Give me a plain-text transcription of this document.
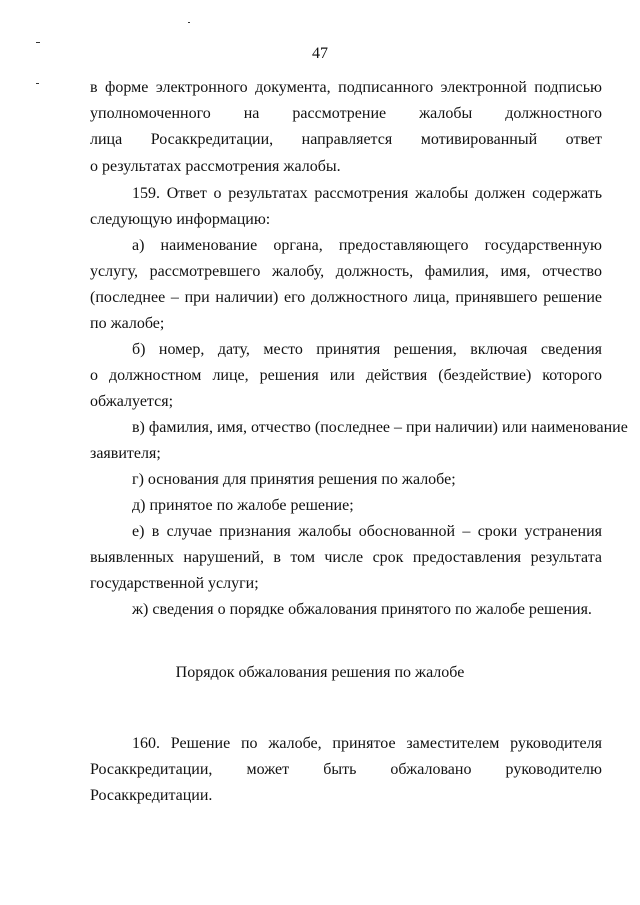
47
в форме электронного документа, подписанного электронной подписью
уполномоченного на рассмотрение жалобы должностного
лица Росаккредитации, направляется мотивированный ответ
о результатах рассмотрения жалобы.
159. Ответ о результатах рассмотрения жалобы должен содержать
следующую информацию:
а) наименование органа, предоставляющего государственную
услугу, рассмотревшего жалобу, должность, фамилия, имя, отчество
(последнее – при наличии) его должностного лица, принявшего решение
по жалобе;
б) номер, дату, место принятия решения, включая сведения
о должностном лице, решения или действия (бездействие) которого
обжалуется;
в) фамилия, имя, отчество (последнее – при наличии) или наименование
заявителя;
г) основания для принятия решения по жалобе;
д) принятое по жалобе решение;
е) в случае признания жалобы обоснованной – сроки устранения
выявленных нарушений, в том числе срок предоставления результата
государственной услуги;
ж) сведения о порядке обжалования принятого по жалобе решения.
Порядок обжалования решения по жалобе
160. Решение по жалобе, принятое заместителем руководителя
Росаккредитации, может быть обжаловано руководителю
Росаккредитации.
